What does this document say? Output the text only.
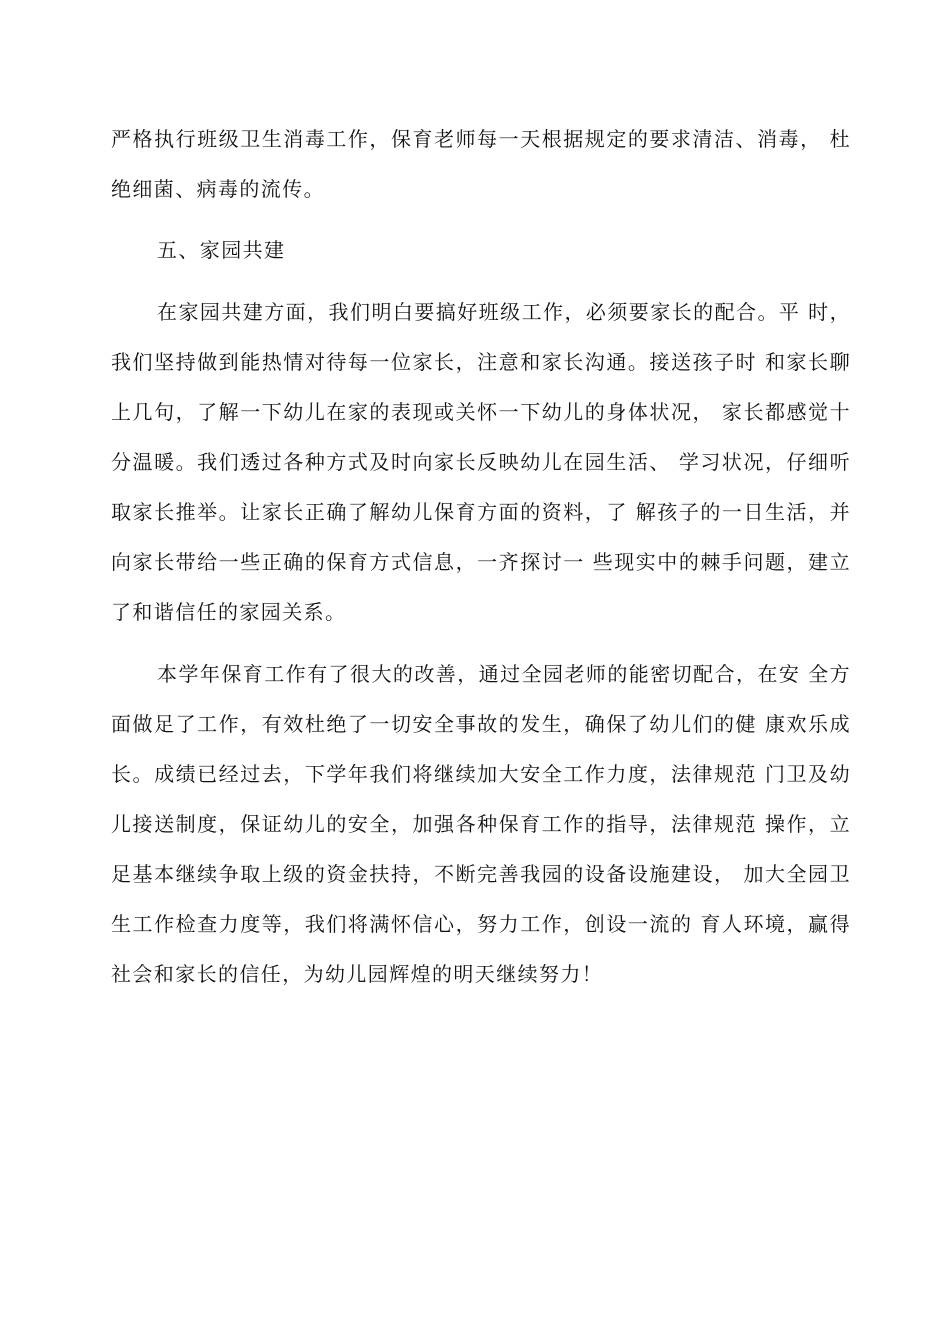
严格执行班级卫生消毒工作，保育老师每一天根据规定的要求清洁、消毒， 杜
绝细菌、病毒的流传。
五、家园共建
在家园共建方面，我们明白要搞好班级工作，必须要家长的配合。平 时，
我们坚持做到能热情对待每一位家长，注意和家长沟通。接送孩子时 和家长聊
上几句，了解一下幼儿在家的表现或关怀一下幼儿的身体状况， 家长都感觉十
分温暖。我们透过各种方式及时向家长反映幼儿在园生活、 学习状况，仔细听
取家长推举。让家长正确了解幼儿保育方面的资料，了 解孩子的一日生活，并
向家长带给一些正确的保育方式信息，一齐探讨一 些现实中的棘手问题，建立
了和谐信任的家园关系。
本学年保育工作有了很大的改善，通过全园老师的能密切配合，在安 全方
面做足了工作，有效杜绝了一切安全事故的发生，确保了幼儿们的健 康欢乐成
长。成绩已经过去，下学年我们将继续加大安全工作力度，法律规范 门卫及幼
儿接送制度，保证幼儿的安全，加强各种保育工作的指导，法律规范 操作，立
足基本继续争取上级的资金扶持，不断完善我园的设备设施建设， 加大全园卫
生工作检查力度等，我们将满怀信心，努力工作，创设一流的 育人环境，赢得
社会和家长的信任，为幼儿园辉煌的明天继续努力！
